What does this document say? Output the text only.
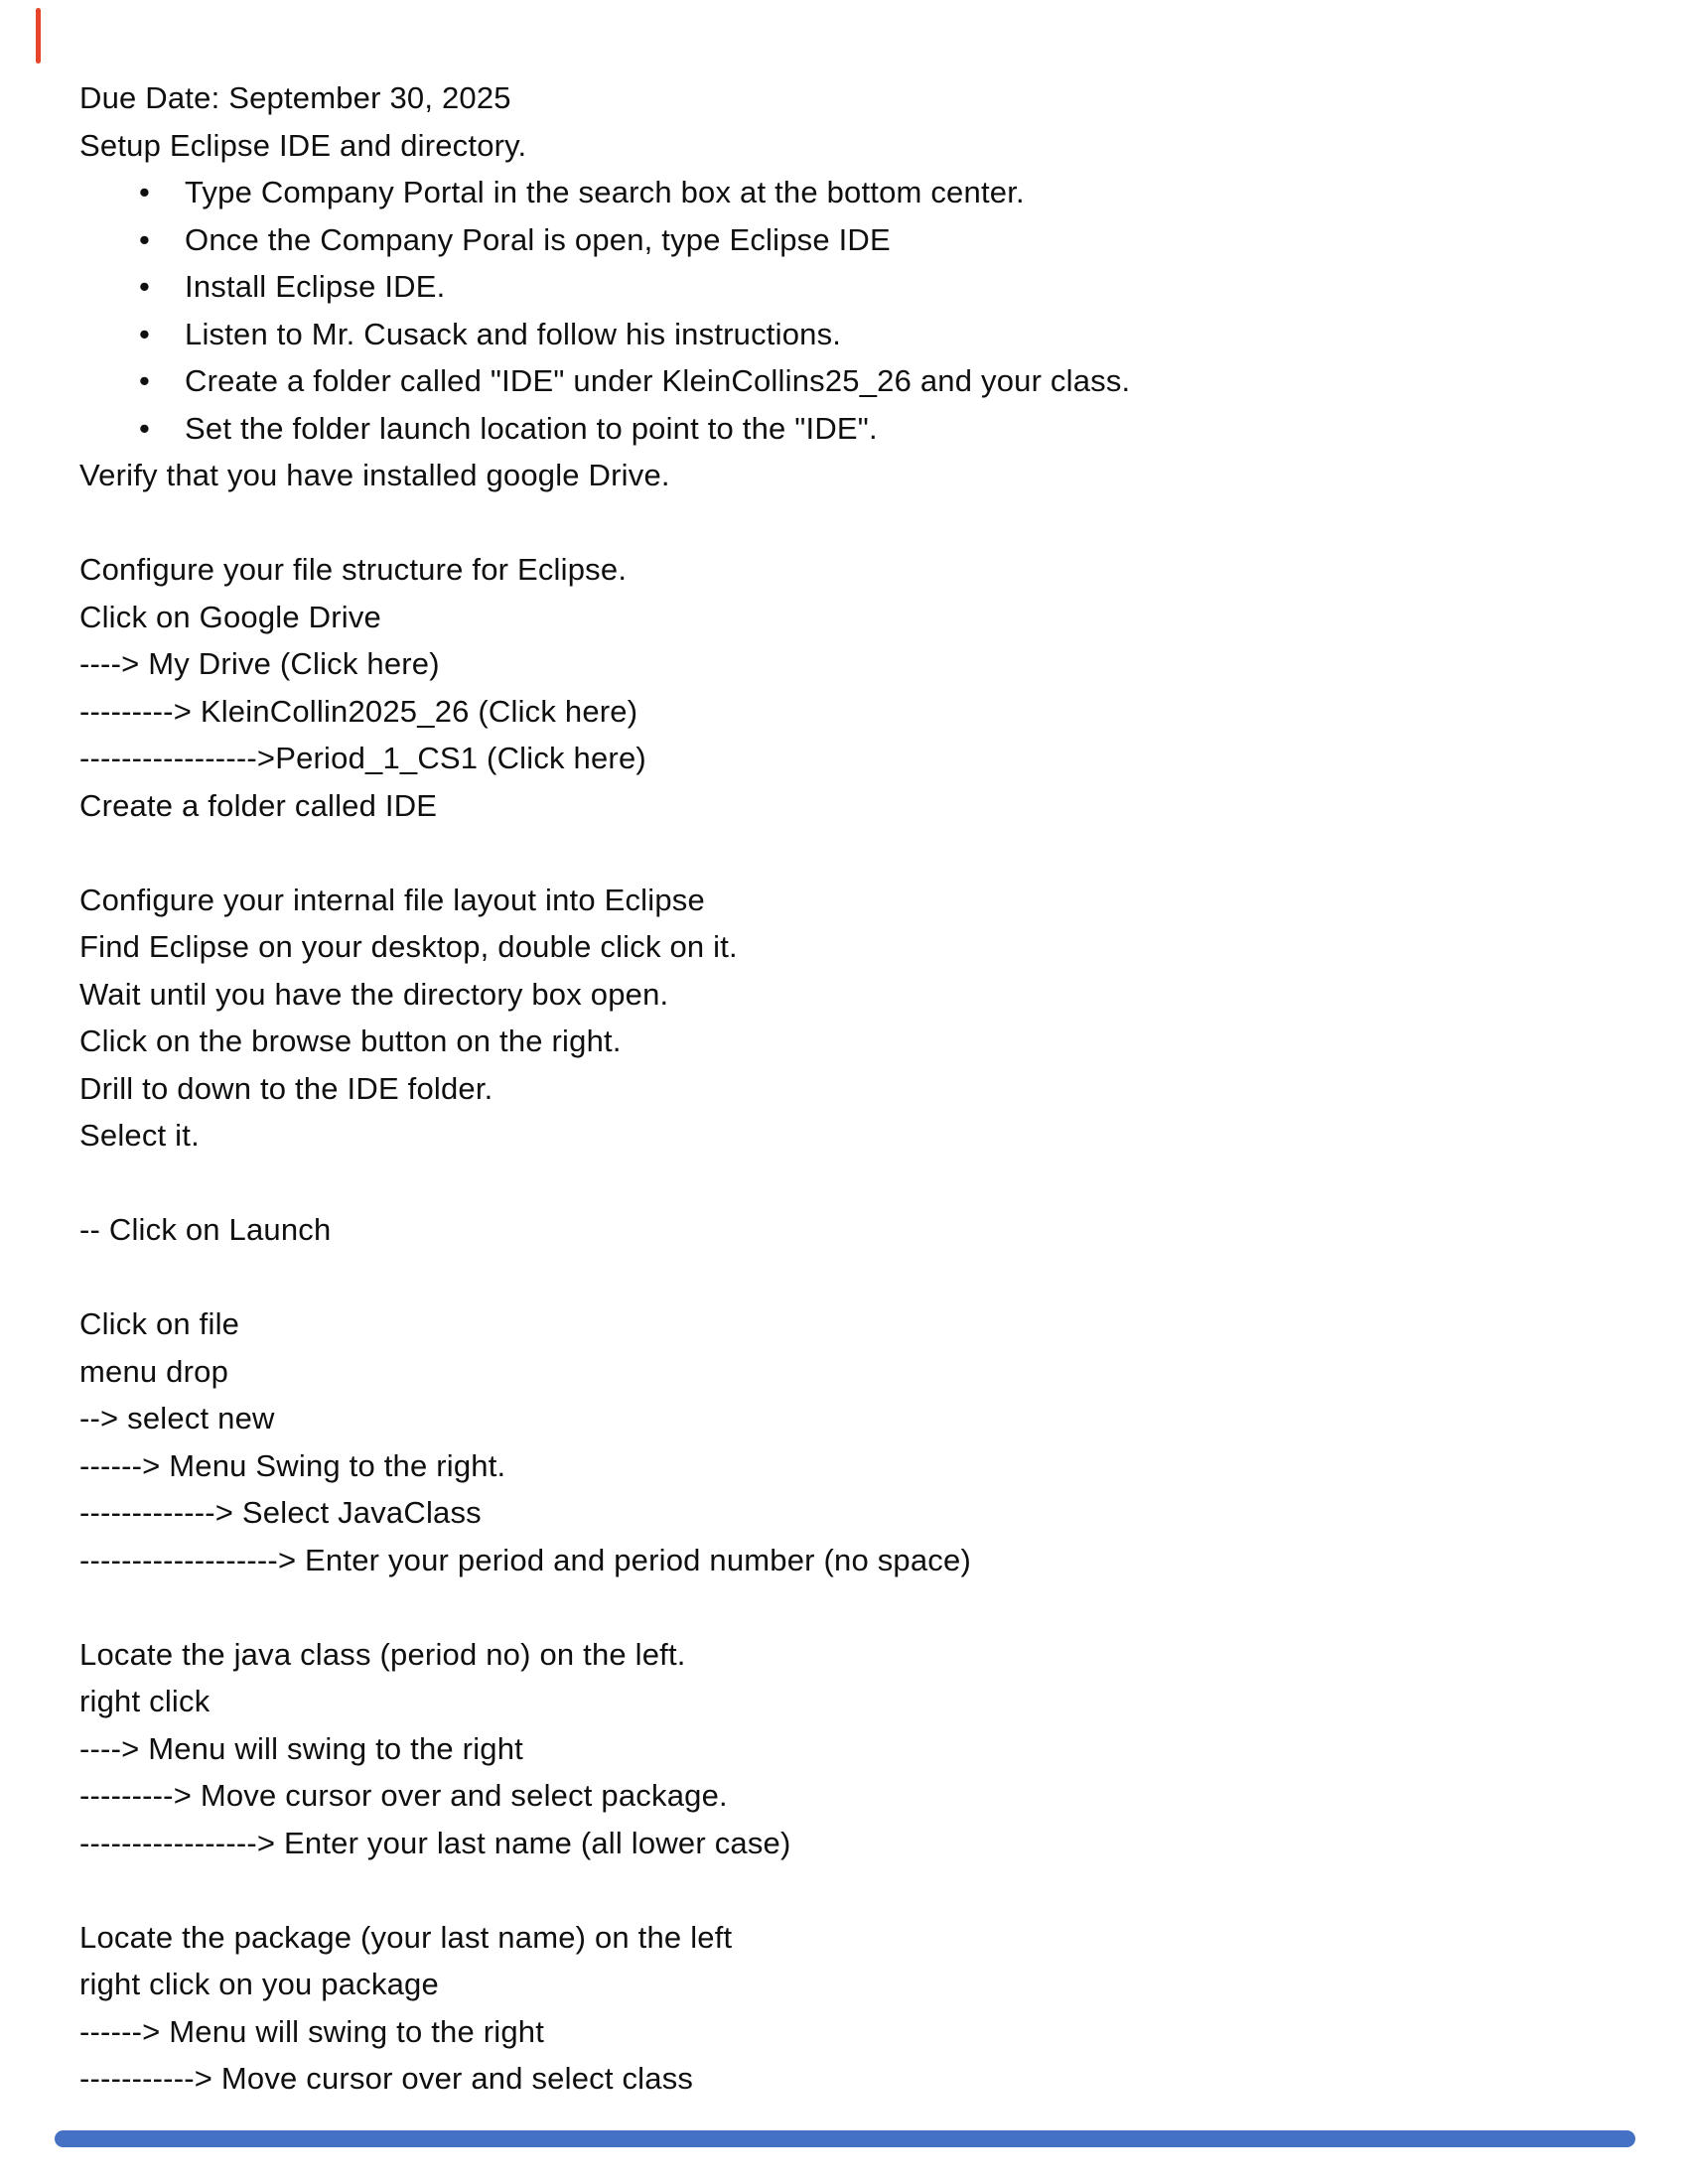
Due Date: September 30, 2025
Setup Eclipse IDE and directory.
• Type Company Portal in the search box at the bottom center.
• Once the Company Poral is open, type Eclipse IDE
• Install Eclipse IDE.
• Listen to Mr. Cusack and follow his instructions.
• Create a folder called "IDE" under KleinCollins25_26 and your class.
• Set the folder launch location to point to the "IDE".
Verify that you have installed google Drive.
Configure your file structure for Eclipse.
Click on Google Drive
----> My Drive (Click here)
---------> KleinCollin2025_26 (Click here)
----------------->Period_1_CS1 (Click here)
Create a folder called IDE
Configure your internal file layout into Eclipse
Find Eclipse on your desktop, double click on it.
Wait until you have the directory box open.
Click on the browse button on the right.
Drill to down to the IDE folder.
Select it.
-- Click on Launch
Click on file
menu drop
--> select new
------> Menu Swing to the right.
-------------> Select JavaClass
-------------------> Enter your period and period number (no space)
Locate the java class (period no) on the left.
right click
----> Menu will swing to the right
---------> Move cursor over and select package.
-----------------> Enter your last name (all lower case)
Locate the package (your last name) on the left
right click on you package
------> Menu will swing to the right
-----------> Move cursor over and select class
